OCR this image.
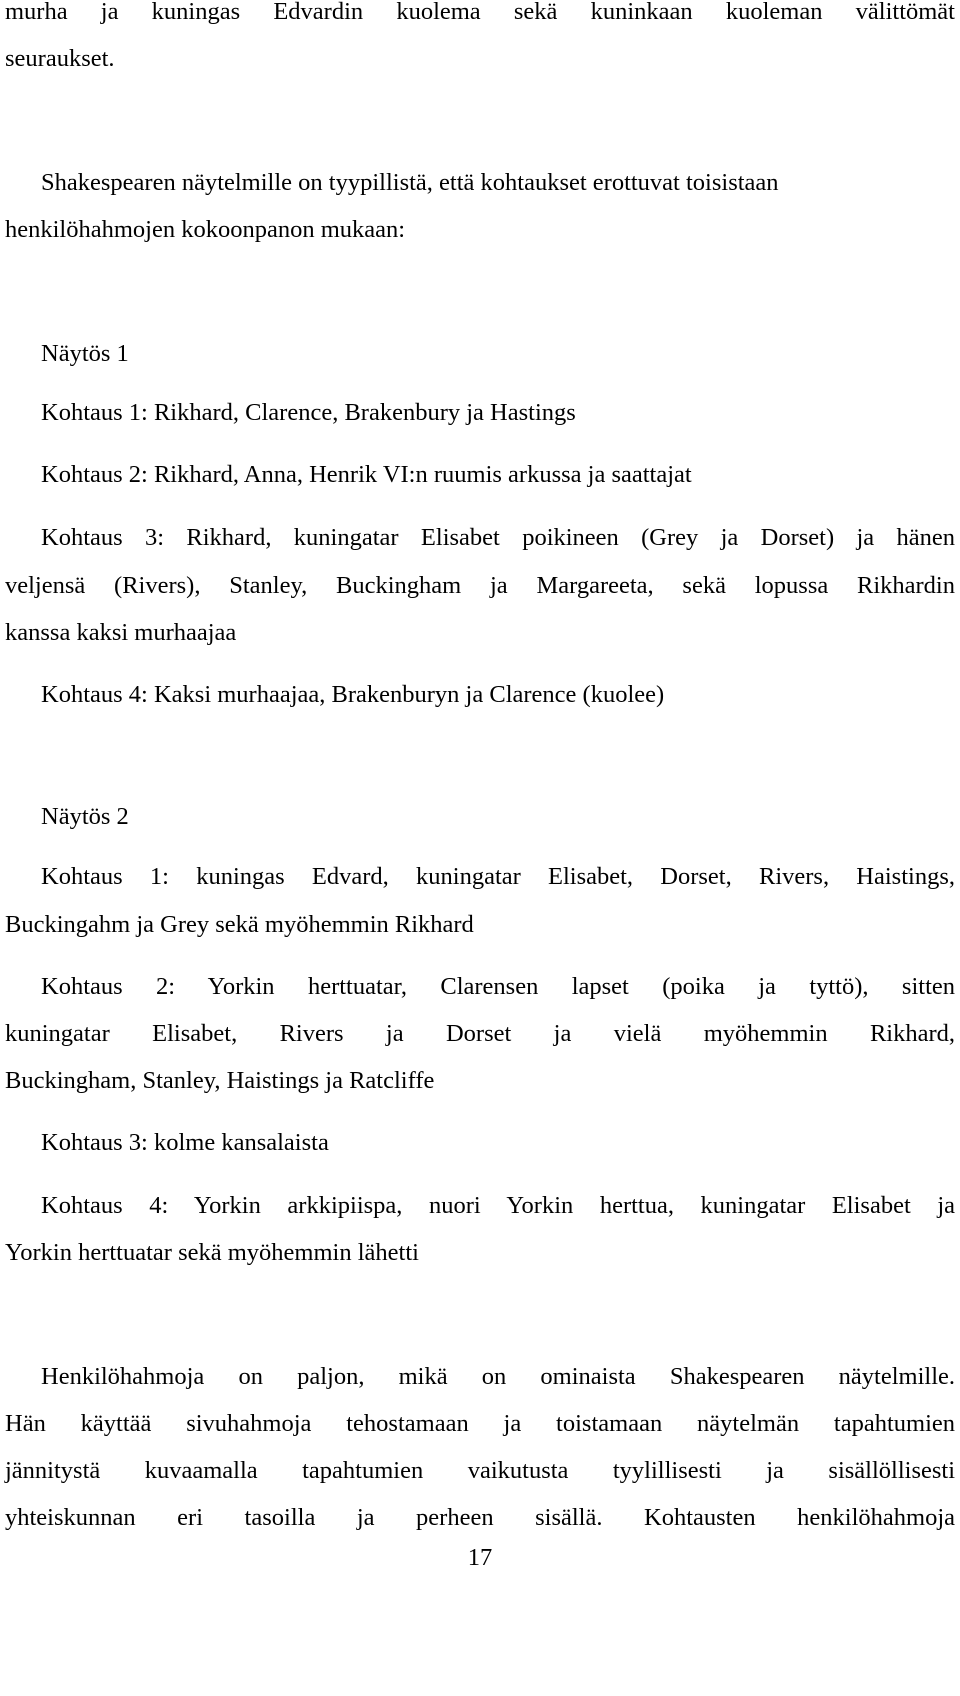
murha ja kuningas Edvardin kuolema sekä kuninkaan kuoleman välittömät

seuraukset.

Shakespearen näytelmille on tyypillistä, että kohtaukset erottuvat toisistaan

henkilöhahmojen kokoonpanon mukaan:

Näytös 1

Kohtaus 1: Rikhard, Clarence, Brakenbury ja Hastings

Kohtaus 2: Rikhard, Anna, Henrik VI:n ruumis arkussa ja saattajat

Kohtaus 3: Rikhard, kuningatar Elisabet poikineen (Grey ja Dorset) ja hänen

veljensä (Rivers), Stanley, Buckingham ja Margareeta, sekä lopussa Rikhardin

kanssa kaksi murhaajaa

Kohtaus 4: Kaksi murhaajaa, Brakenburyn ja Clarence (kuolee)

Näytös 2

Kohtaus 1: kuningas Edvard, kuningatar Elisabet, Dorset, Rivers, Haistings,

Buckingahm ja Grey sekä myöhemmin Rikhard

Kohtaus 2: Yorkin herttuatar, Clarensen lapset (poika ja tyttö), sitten

kuningatar Elisabet, Rivers ja Dorset ja vielä myöhemmin Rikhard,

Buckingham, Stanley, Haistings ja Ratcliffe

Kohtaus 3: kolme kansalaista

Kohtaus 4: Yorkin arkkipiispa, nuori Yorkin herttua, kuningatar Elisabet ja

Yorkin herttuatar sekä myöhemmin lähetti

Henkilöhahmoja on paljon, mikä on ominaista Shakespearen näytelmille.

Hän käyttää sivuhahmoja tehostamaan ja toistamaan näytelmän tapahtumien

jännitystä kuvaamalla tapahtumien vaikutusta tyylillisesti ja sisällöllisesti

yhteiskunnan eri tasoilla ja perheen sisällä. Kohtausten henkilöhahmoja

17
